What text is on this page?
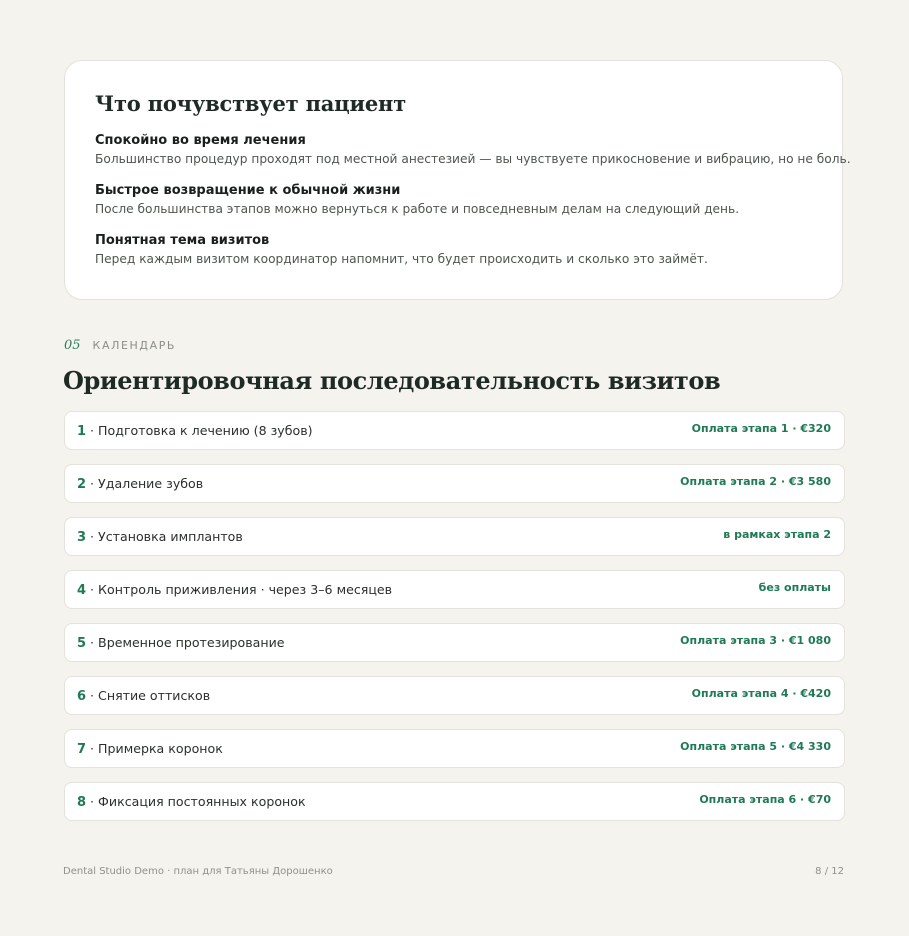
Что почувствует пациент
Спокойно во время лечения
Большинство процедур проходят под местной анестезией — вы чувствуете прикосновение и вибрацию, но не боль.
Быстрое возвращение к обычной жизни
После большинства этапов можно вернуться к работе и повседневным делам на следующий день.
Понятная тема визитов
Перед каждым визитом координатор напомнит, что будет происходить и сколько это займёт.
05 КАЛЕНДАРЬ
Ориентировочная последовательность визитов
1 · Подготовка к лечению (8 зубов)	Оплата этапа 1 · €320
2 · Удаление зубов	Оплата этапа 2 · €3 580
3 · Установка имплантов	в рамках этапа 2
4 · Контроль приживления · через 3–6 месяцев	без оплаты
5 · Временное протезирование	Оплата этапа 3 · €1 080
6 · Снятие оттисков	Оплата этапа 4 · €420
7 · Примерка коронок	Оплата этапа 5 · €4 330
8 · Фиксация постоянных коронок	Оплата этапа 6 · €70
Dental Studio Demo · план для Татьяны Дорошенко	8 / 12
